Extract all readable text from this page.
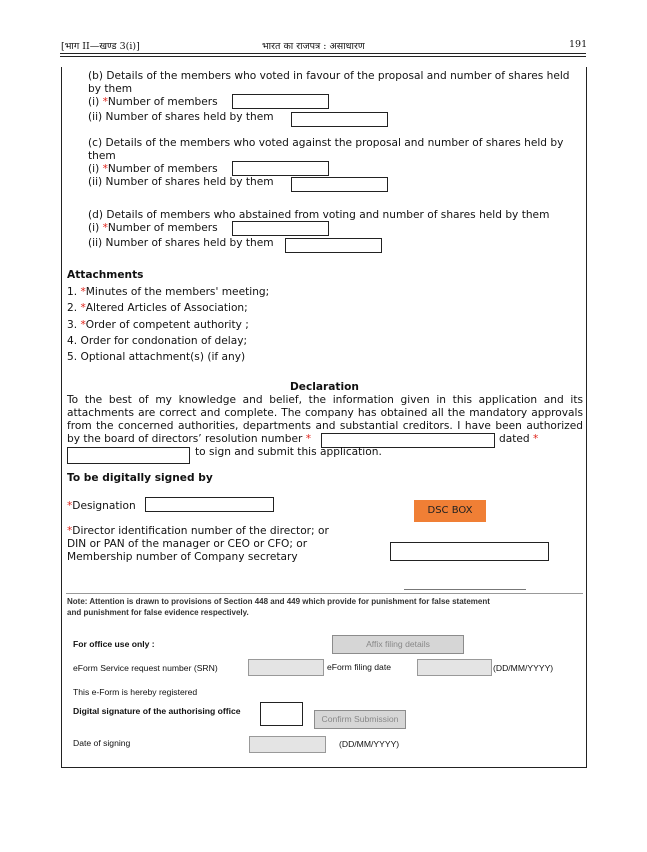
[भाग II—खण्ड 3(i)]	भारत का राजपत्र : असाधारण	191
(b) Details of the members who voted in favour of the proposal and number of shares held
by them
(i) *Number of members
(ii) Number of shares held by them
(c) Details of the members who voted against the proposal and number of shares held by
them
(i) *Number of members
(ii) Number of shares held by them
(d) Details of members who abstained from voting and number of shares held by them
(i) *Number of members
(ii) Number of shares held by them
Attachments
1. *Minutes of the members' meeting;
2. *Altered Articles of Association;
3. *Order of competent authority ;
4. Order for condonation of delay;
5. Optional attachment(s) (if any)
Declaration
To the best of my knowledge and belief, the information given in this application and its
attachments are correct and complete. The company has obtained all the mandatory approvals
from the concerned authorities, departments and substantial creditors. I have been authorized
by the board of directors’ resolution number *	dated *
to sign and submit this application.
To be digitally signed by
*Designation	DSC BOX
*Director identification number of the director; or
DIN or PAN of the manager or CEO or CFO; or
Membership number of Company secretary
Note: Attention is drawn to provisions of Section 448 and 449 which provide for punishment for false statement
and punishment for false evidence respectively.
For office use only :	Affix filing details
eForm Service request number (SRN)	eForm filing date	(DD/MM/YYYY)
This e-Form is hereby registered
Digital signature of the authorising office
Confirm Submission
Date of signing	(DD/MM/YYYY)
